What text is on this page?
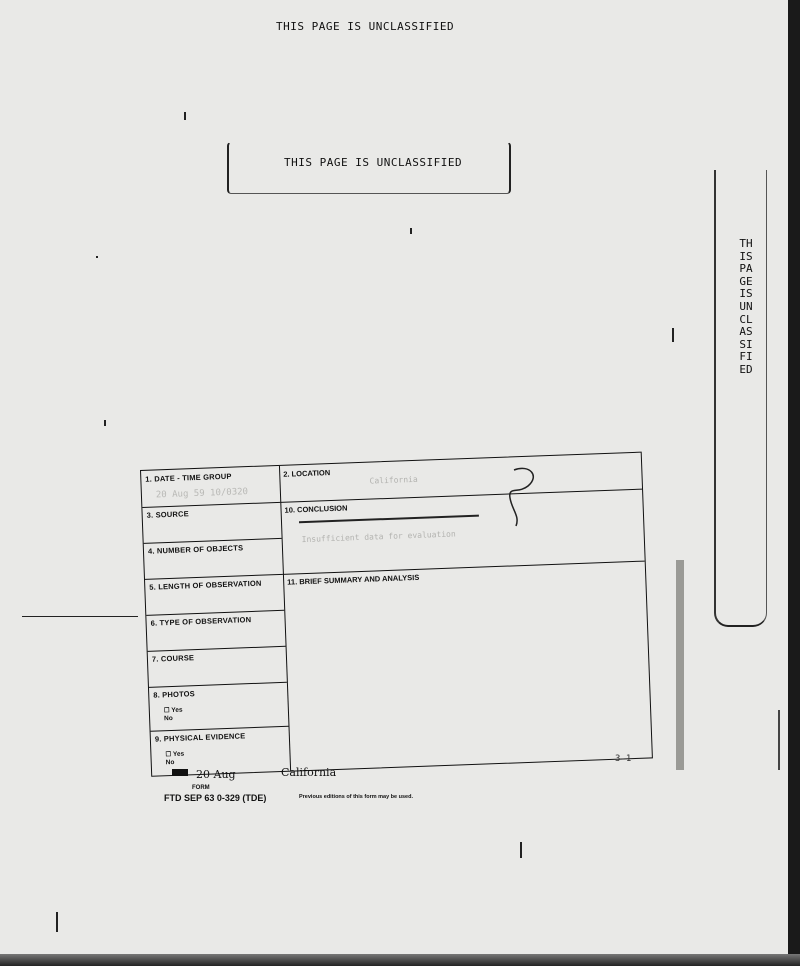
THIS PAGE IS UNCLASSIFIED
THIS PAGE IS UNCLASSIFIED
THIS PAGE IS UNCLASSIFIED
1. DATE - TIME GROUP
20 Aug 59 10/0320
3. SOURCE
4. NUMBER OF OBJECTS
5. LENGTH OF OBSERVATION
6. TYPE OF OBSERVATION
7. COURSE
8. PHOTOS
☐ Yes
No
9. PHYSICAL EVIDENCE
☐ Yes
No
2. LOCATION
California
10. CONCLUSION
Insufficient data for evaluation
11. BRIEF SUMMARY AND ANALYSIS
20 Aug	California
3-1
FORM
FTD SEP 63 0-329 (TDE)	Previous editions of this form may be used.
